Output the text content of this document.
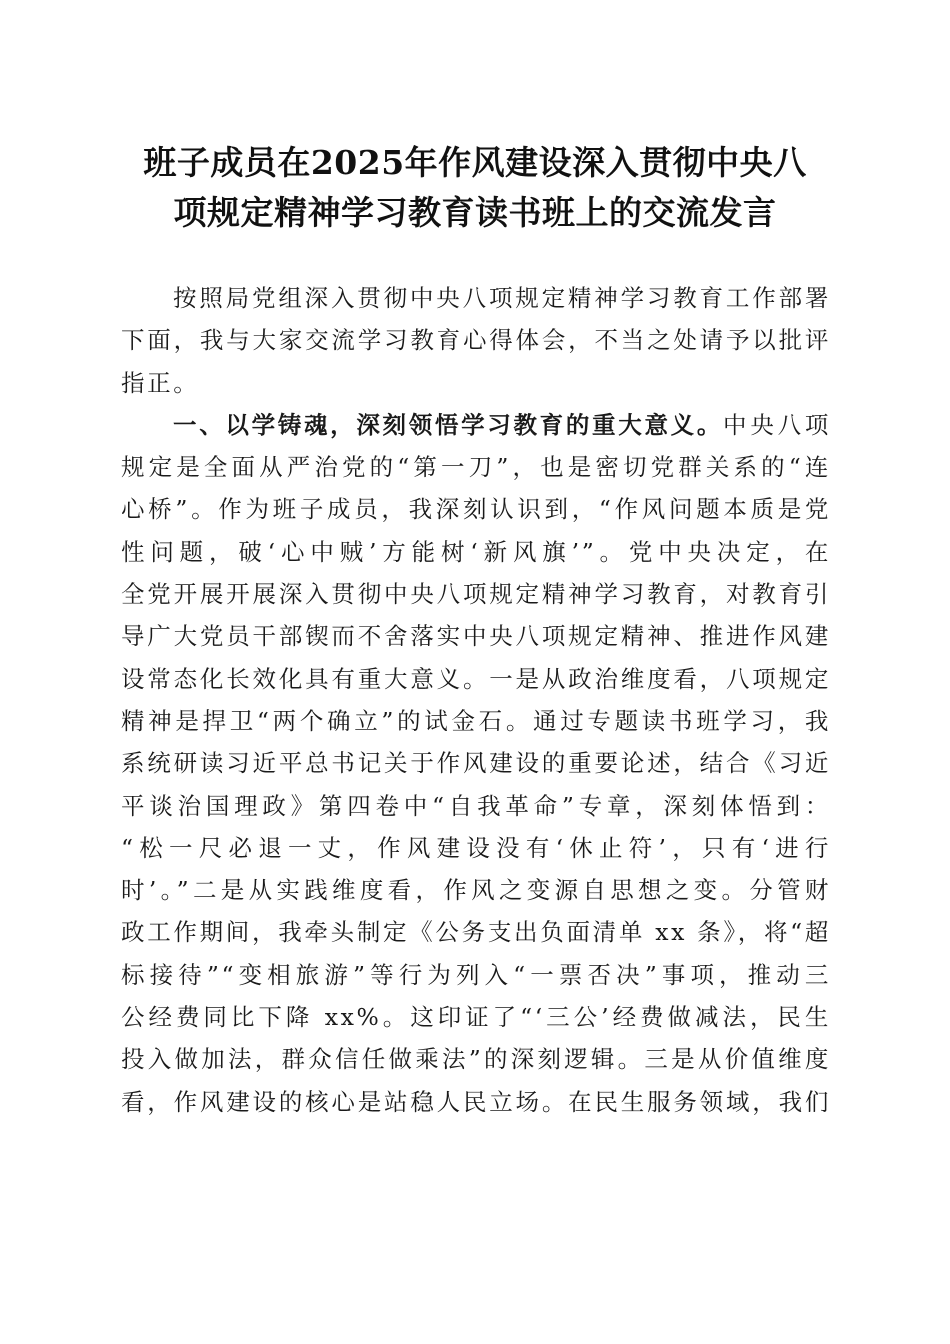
班子成员在2025年作风建设深入贯彻中央八
项规定精神学习教育读书班上的交流发言
按照局党组深入贯彻中央八项规定精神学习教育工作部署
下面，我与大家交流学习教育心得体会，不当之处请予以批评
指正。
一、以学铸魂，深刻领悟学习教育的重大意义。中央八项
规定是全面从严治党的“第一刀”，也是密切党群关系的“连
心桥”。作为班子成员，我深刻认识到，“作风问题本质是党
性问题，破‘心中贼’方能树‘新风旗’”。党中央决定，在
全党开展开展深入贯彻中央八项规定精神学习教育，对教育引
导广大党员干部锲而不舍落实中央八项规定精神、推进作风建
设常态化长效化具有重大意义。一是从政治维度看，八项规定
精神是捍卫“两个确立”的试金石。通过专题读书班学习，我
系统研读习近平总书记关于作风建设的重要论述，结合《习近
平谈治国理政》第四卷中“自我革命”专章，深刻体悟到：
“松一尺必退一丈，作风建设没有‘休止符’，只有‘进行
时’。”二是从实践维度看，作风之变源自思想之变。分管财
政工作期间，我牵头制定《公务支出负面清单 xx 条》，将“超
标接待”“变相旅游”等行为列入“一票否决”事项，推动三
公经费同比下降 xx%。这印证了“‘三公’经费做减法，民生
投入做加法，群众信任做乘法”的深刻逻辑。三是从价值维度
看，作风建设的核心是站稳人民立场。在民生服务领域，我们
